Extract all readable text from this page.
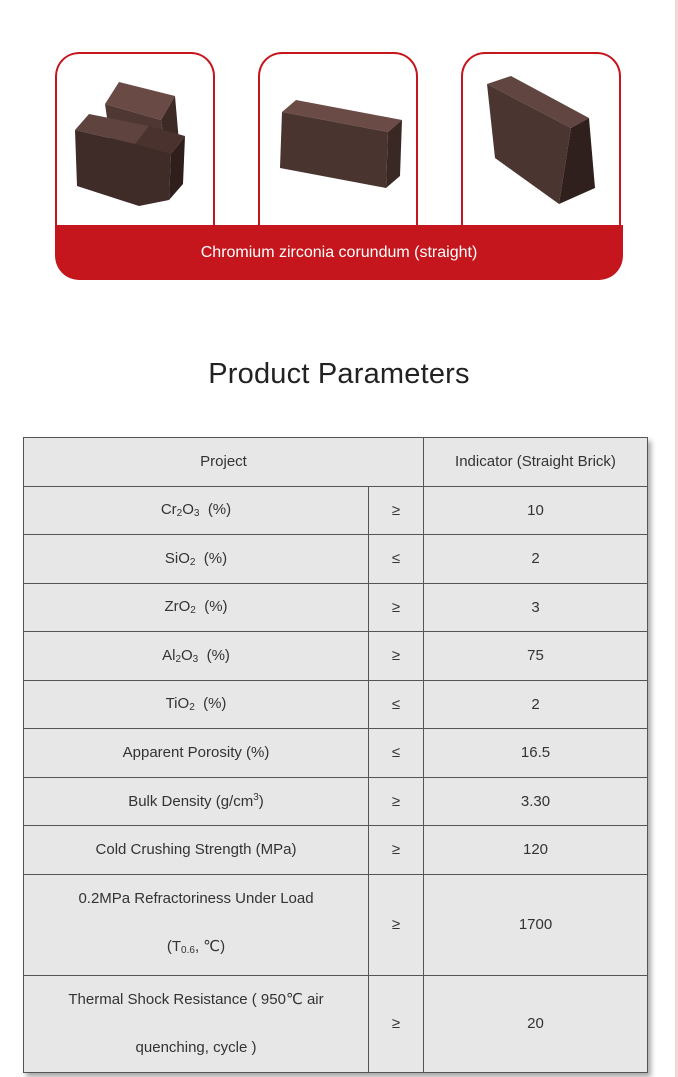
Chromium zirconia corundum (straight)
Product Parameters
Project		Indicator (Straight Brick)
$Cr_2O_3$ (%)	≥	10
SiO$_2$ (%)	≤	2
ZrO$_2$ (%)	≥	3
$Al_2O_3$ (%)	≥	75
TiO$_2$ (%)	≤	2
Apparent Porosity (%)	≤	16.5
Bulk Density $(g/cm^3)$	≥	3.30
Cold Crushing Strength (MPa)	≥	120

0.2MPa Refractoriness Under Load
($T_{0.6}$, ℃)	≥	1700

Thermal Shock Resistance ( 950℃ air
quenching, cycle )	≥	20
